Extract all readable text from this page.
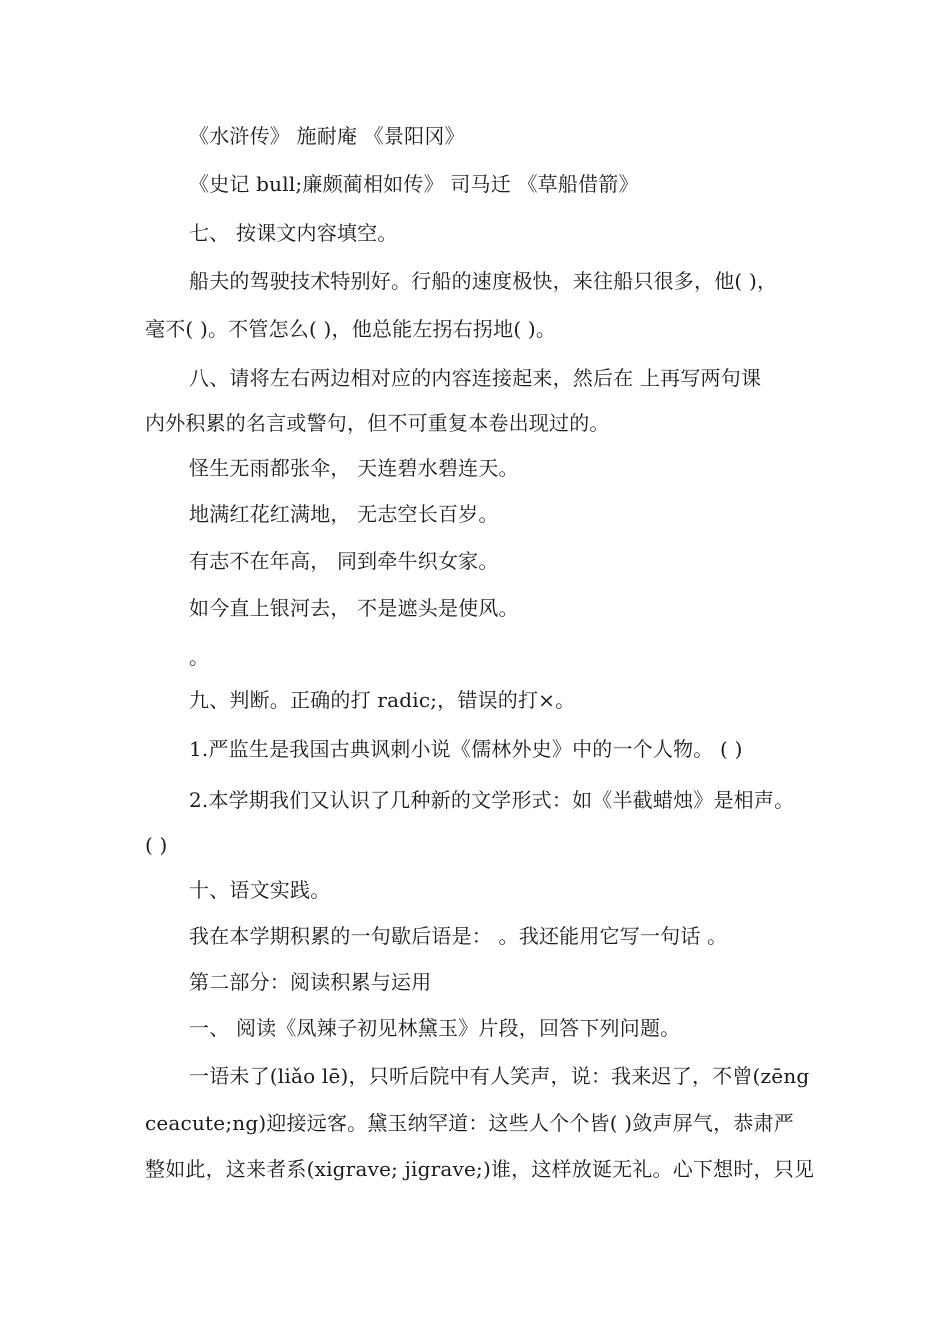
《水浒传》 施耐庵 《景阳冈》
《史记 bull;廉颇蔺相如传》 司马迁 《草船借箭》
七、 按课文内容填空。
船夫的驾驶技术特别好。行船的速度极快，来往船只很多，他( )，
毫不( )。不管怎么( )，他总能左拐右拐地( )。
八、请将左右两边相对应的内容连接起来，然后在 上再写两句课
内外积累的名言或警句，但不可重复本卷出现过的。
怪生无雨都张伞， 天连碧水碧连天。
地满红花红满地， 无志空长百岁。
有志不在年高， 同到牵牛织女家。
如今直上银河去， 不是遮头是使风。
。
九、判断。正确的打 radic;，错误的打×。
1.严监生是我国古典讽刺小说《儒林外史》中的一个人物。 ( )
2.本学期我们又认识了几种新的文学形式：如《半截蜡烛》是相声。
( )
十、语文实践。
我在本学期积累的一句歇后语是： 。我还能用它写一句话 。
第二部分：阅读积累与运用
一、 阅读《凤辣子初见林黛玉》片段，回答下列问题。
一语未了(liǎo lē)，只听后院中有人笑声，说：我来迟了，不曾(zēng
ceacute;ng)迎接远客。黛玉纳罕道：这些人个个皆( )敛声屏气，恭肃严
整如此，这来者系(xigrave; jigrave;)谁，这样放诞无礼。心下想时，只见
